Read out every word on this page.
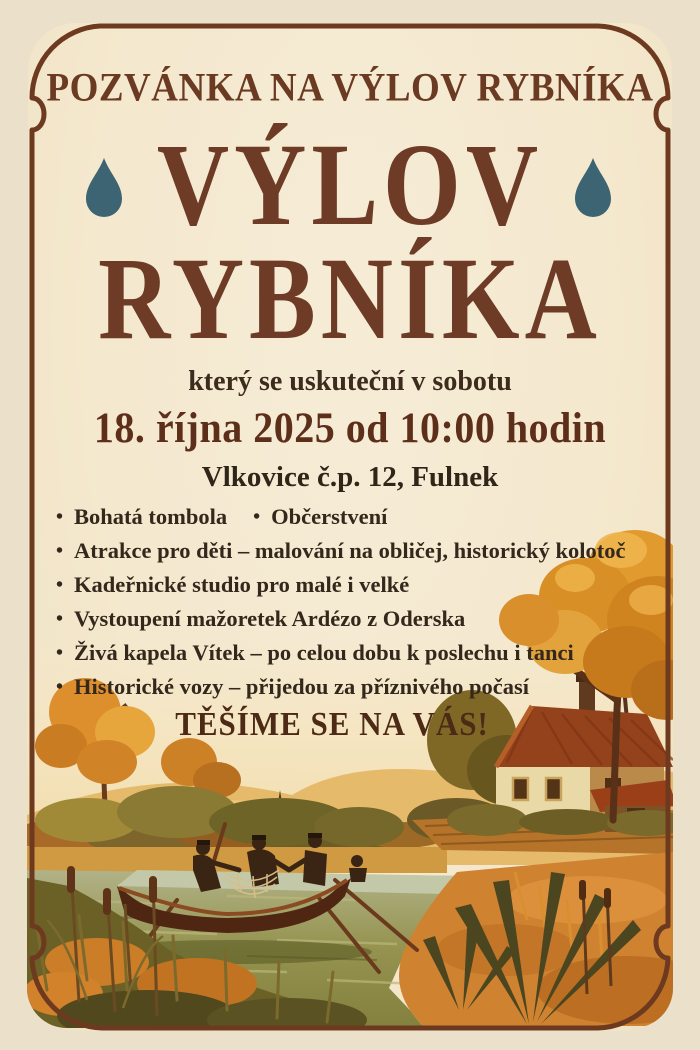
POZVÁNKA NA VÝLOV RYBNÍKA
VÝLOV
RYBNÍKA
který se uskuteční v sobotu
18. října 2025 od 10:00 hodin
Vlkovice č.p. 12, Fulnek
• Bohatá tombola • Občerstvení
• Atrakce pro děti – malování na obličej, historický kolotoč
• Kadeřnické studio pro malé i velké
• Vystoupení mažoretek Ardézo z Oderska
• Živá kapela Vítek – po celou dobu k poslechu i tanci
• Historické vozy – přijedou za příznivého počasí
TĚŠÍME SE NA VÁS!
